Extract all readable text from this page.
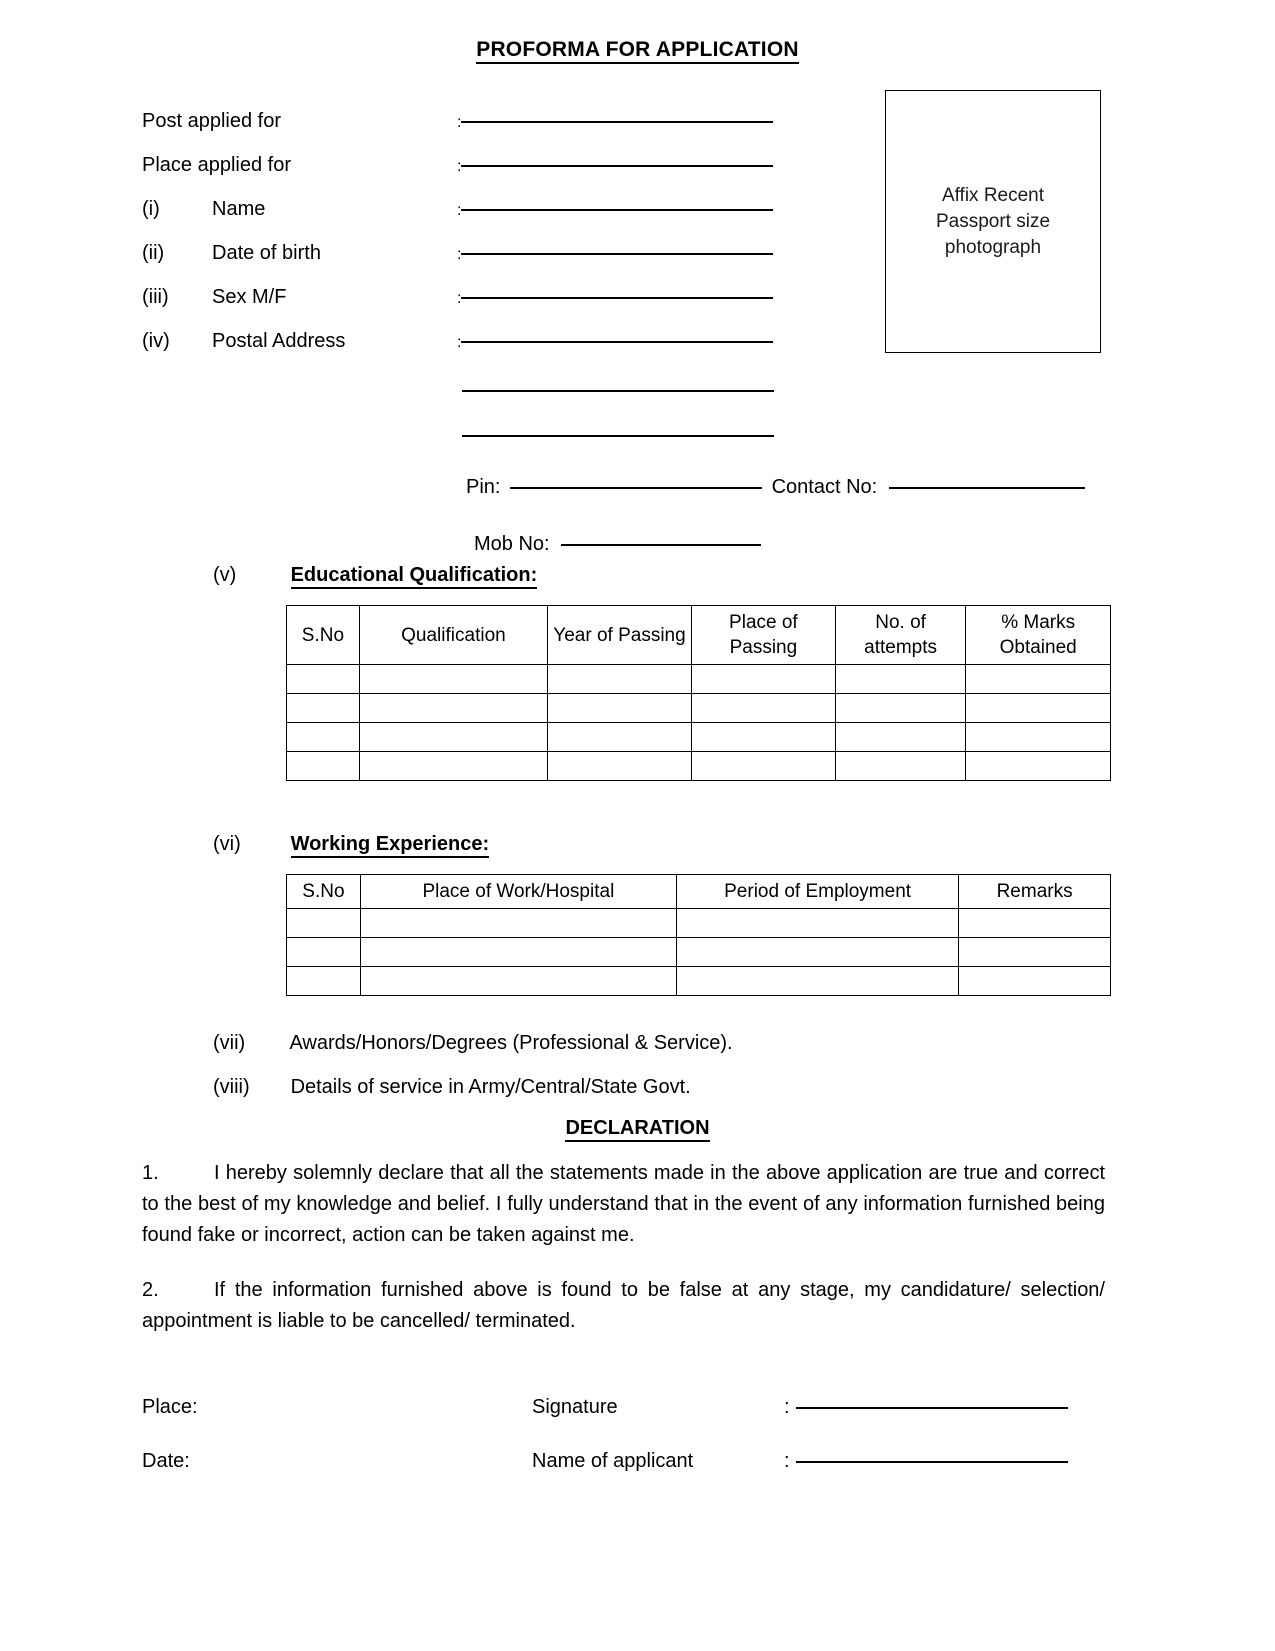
PROFORMA FOR APPLICATION
Affix Recent
Passport size
photograph
Post applied for	:
Place applied for	:
(i)	Name	:
(ii)	Date of birth	:
(iii)	Sex M/F	:
(iv)	Postal Address	:
Pin:	Contact No:
Mob No:
(v)	Educational Qualification:
S.No	Qualification	Year of Passing	Place of Passing	No. of attempts	% Marks Obtained

(vi) Working Experience:
S.No	Place of Work/Hospital	Period of Employment	Remarks

(vii) Awards/Honors/Degrees (Professional & Service).
(viii) Details of service in Army/Central/State Govt.
DECLARATION
1.	I hereby solemnly declare that all the statements made in the above application are true and correct to the best of my knowledge and belief. I fully understand that in the event of any information furnished being found fake or incorrect, action can be taken against me.
2.	If the information furnished above is found to be false at any stage, my candidature/ selection/ appointment is liable to be cancelled/ terminated.
Place:	Signature	:
Date:	Name of applicant	:
